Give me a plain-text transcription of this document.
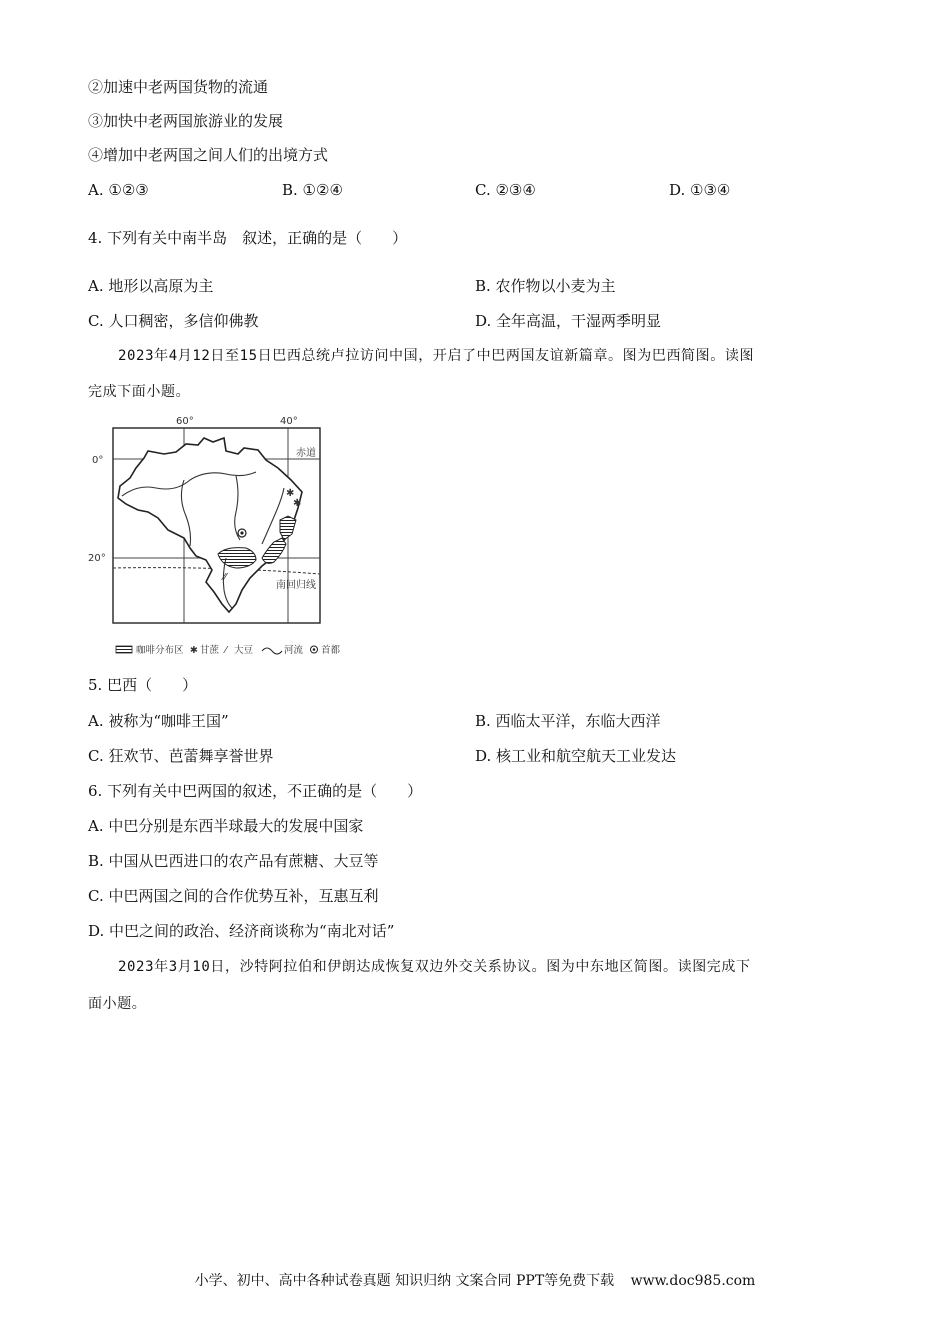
②加速中老两国货物的流通
③加快中老两国旅游业的发展
④增加中老两国之间人们的出境方式
A. ①②③	B. ①②④	C. ②③④	D. ①③④
4. 下列有关中南半岛　叙述，正确的是（　　）
A. 地形以高原为主	B. 农作物以小麦为主
C. 人口稠密，多信仰佛教	D. 全年高温，干湿两季明显
2023年4月12日至15日巴西总统卢拉访问中国，开启了中巴两国友谊新篇章。图为巴西简图。读图
完成下面小题。
✱
✱
⁄⁄
60°	40°
0°
20°
赤道
南回归线
咖啡分布区 ✱ 甘蔗 ⁄ 大豆	河流 首都
5. 巴西（　　）
A. 被称为“咖啡王国”	B. 西临太平洋，东临大西洋
C. 狂欢节、芭蕾舞享誉世界	D. 核工业和航空航天工业发达
6. 下列有关中巴两国的叙述，不正确的是（　　）
A. 中巴分别是东西半球最大的发展中国家
B. 中国从巴西进口的农产品有蔗糖、大豆等
C. 中巴两国之间的合作优势互补，互惠互利
D. 中巴之间的政治、经济商谈称为“南北对话”
2023年3月10日，沙特阿拉伯和伊朗达成恢复双边外交关系协议。图为中东地区简图。读图完成下
面小题。
小学、初中、高中各种试卷真题 知识归纳 文案合同 PPT等免费下载 www.doc985.com
